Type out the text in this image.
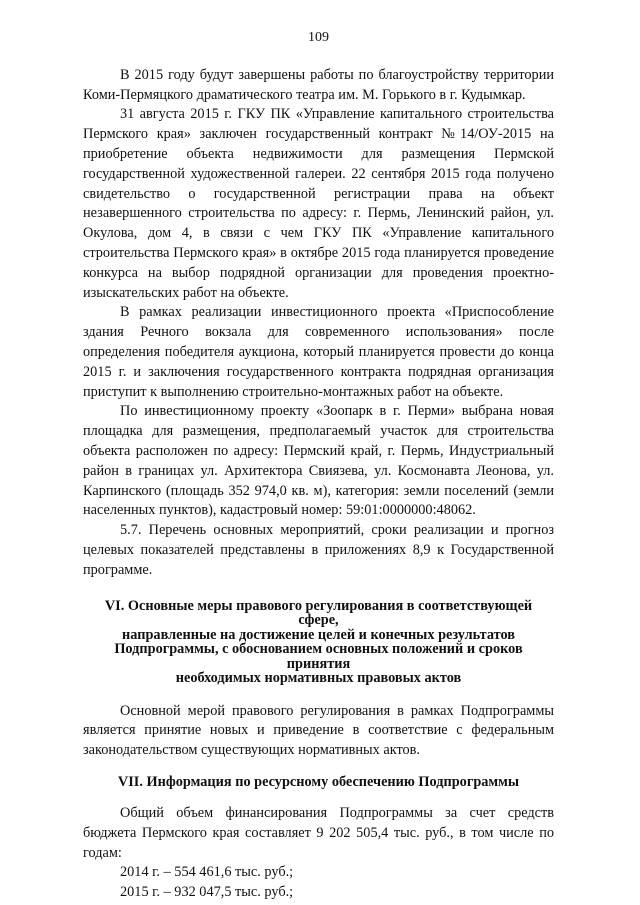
109

В 2015 году будут завершены работы по благоустройству территории Коми-Пермяцкого драматического театра им. М. Горького в г. Кудымкар.

31 августа 2015 г. ГКУ ПК «Управление капитального строительства Пермского края» заключен государственный контракт №14/ОУ-2015 на приобретение объекта недвижимости для размещения Пермской государственной художественной галереи. 22 сентября 2015 года получено свидетельство о государственной регистрации права на объект незавершенного строительства по адресу: г. Пермь, Ленинский район, ул. Окулова, дом 4, в связи с чем ГКУ ПК «Управление капитального строительства Пермского края» в октябре 2015 года планируется проведение конкурса на выбор подрядной организации для проведения проектно-изыскательских работ на объекте.

В рамках реализации инвестиционного проекта «Приспособление здания Речного вокзала для современного использования» после определения победителя аукциона, который планируется провести до конца 2015 г. и заключения государственного контракта подрядная организация приступит к выполнению строительно-монтажных работ на объекте.

По инвестиционному проекту «Зоопарк в г. Перми» выбрана новая площадка для размещения, предполагаемый участок для строительства объекта расположен по адресу: Пермский край, г. Пермь, Индустриальный район в границах ул. Архитектора Свиязева, ул. Космонавта Леонова, ул. Карпинского (площадь 352 974,0 кв. м), категория: земли поселений (земли населенных пунктов), кадастровый номер: 59:01:0000000:48062.

5.7. Перечень основных мероприятий, сроки реализации и прогноз целевых показателей представлены в приложениях 8,9 к Государственной программе.

VI. Основные меры правового регулирования в соответствующей сфере,
направленные на достижение целей и конечных результатов
Подпрограммы, с обоснованием основных положений и сроков принятия
необходимых нормативных правовых актов

Основной мерой правового регулирования в рамках Подпрограммы является принятие новых и приведение в соответствие с федеральным законодательством существующих нормативных актов.

VII. Информация по ресурсному обеспечению Подпрограммы

Общий объем финансирования Подпрограммы за счет средств бюджета Пермского края составляет 9 202 505,4 тыс. руб., в том числе по годам:

2014 г. – 554 461,6 тыс. руб.;
2015 г. – 932 047,5 тыс. руб.;
